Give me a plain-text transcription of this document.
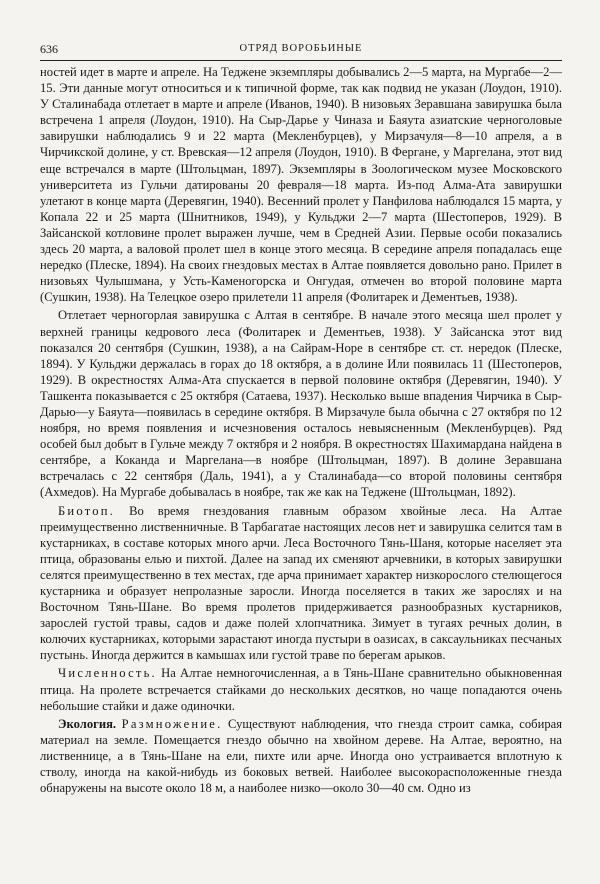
636	ОТРЯД ВОРОБЬИНЫЕ

ностей идет в марте и апреле. На Теджене экземпляры добывались 2—5 марта, на Мургабе—2—15. Эти данные могут относиться и к типичной форме, так как подвид не указан (Лоудон, 1910). У Сталинабада отлетает в марте и апреле (Иванов, 1940). В низовьях Зеравшана завирушка была встречена 1 апреля (Лоудон, 1910). На Сыр-Дарье у Чиназа и Баяута азиатские черноголовые завирушки наблюдались 9 и 22 марта (Мекленбурцев), у Мирзачуля—8—10 апреля, а в Чирчикской долине, у ст. Вревская—12 апреля (Лоудон, 1910). В Фергане, у Маргелана, этот вид еще встречался в марте (Штольцман, 1897). Экземпляры в Зоологическом музее Московского университета из Гульчи датированы 20 февраля—18 марта. Из-под Алма-Ата завирушки улетают в конце марта (Деревягин, 1940). Весенний пролет у Панфилова наблюдался 15 марта, у Копала 22 и 25 марта (Шнитников, 1949), у Кульджи 2—7 марта (Шестоперов, 1929). В Зайсанской котловине пролет выражен лучше, чем в Средней Азии. Первые особи показались здесь 20 марта, а валовой пролет шел в конце этого месяца. В середине апреля попадалась еще нередко (Плеске, 1894). На своих гнездовых местах в Алтае появляется довольно рано. Прилет в низовьях Чулышмана, у Усть-Каменогорска и Онгудая, отмечен во второй половине марта (Сушкин, 1938). На Телецкое озеро прилетели 11 апреля (Фолитарек и Дементьев, 1938).

Отлетает черногорлая завирушка с Алтая в сентябре. В начале этого месяца шел пролет у верхней границы кедрового леса (Фолитарек и Дементьев, 1938). У Зайсанска этот вид показался 20 сентября (Сушкин, 1938), а на Сайрам-Норе в сентябре ст. ст. нередок (Плеске, 1894). У Кульджи держалась в горах до 18 октября, а в долине Или появилась 11 (Шестоперов, 1929). В окрестностях Алма-Ата спускается в первой половине октября (Деревягин, 1940). У Ташкента показывается с 25 октября (Сатаева, 1937). Несколько выше впадения Чирчика в Сыр-Дарью—у Баяута—появилась в середине октября. В Мирзачуле была обычна с 27 октября по 12 ноября, но время появления и исчезновения осталось невыясненным (Мекленбурцев). Ряд особей был добыт в Гульче между 7 октября и 2 ноября. В окрестностях Шахимардана найдена в сентябре, а Коканда и Маргелана—в ноябре (Штольцман, 1897). В долине Зеравшана встречалась с 22 сентября (Даль, 1941), а у Сталинабада—со второй половины сентября (Ахмедов). На Мургабе добывалась в ноябре, так же как на Теджене (Штольцман, 1892).

Биотоп. Во время гнездования главным образом хвойные леса. На Алтае преимущественно лиственничные. В Тарбагатае настоящих лесов нет и завирушка селится там в кустарниках, в составе которых много арчи. Леса Восточного Тянь-Шаня, которые населяет эта птица, образованы елью и пихтой. Далее на запад их сменяют арчевники, в которых завирушки селятся преимущественно в тех местах, где арча принимает характер низкорослого стелющегося кустарника и образует непролазные заросли. Иногда поселяется в таких же зарослях и на Восточном Тянь-Шане. Во время пролетов придерживается разнообразных кустарников, зарослей густой травы, садов и даже полей хлопчатника. Зимует в тугаях речных долин, в колючих кустарниках, которыми зарастают иногда пустыри в оазисах, в саксаульниках песчаных пустынь. Иногда держится в камышах или густой траве по берегам арыков.

Численность. На Алтае немногочисленная, а в Тянь-Шане сравнительно обыкновенная птица. На пролете встречается стайками до нескольких десятков, но чаще попадаются очень небольшие стайки и даже одиночки.

Экология. Размножение. Существуют наблюдения, что гнезда строит самка, собирая материал на земле. Помещается гнездо обычно на хвойном дереве. На Алтае, вероятно, на лиственнице, а в Тянь-Шане на ели, пихте или арче. Иногда оно устраивается вплотную к стволу, иногда на какой-нибудь из боковых ветвей. Наиболее высокорасположенные гнезда обнаружены на высоте около 18 м, а наиболее низко—около 30—40 см. Одно из
